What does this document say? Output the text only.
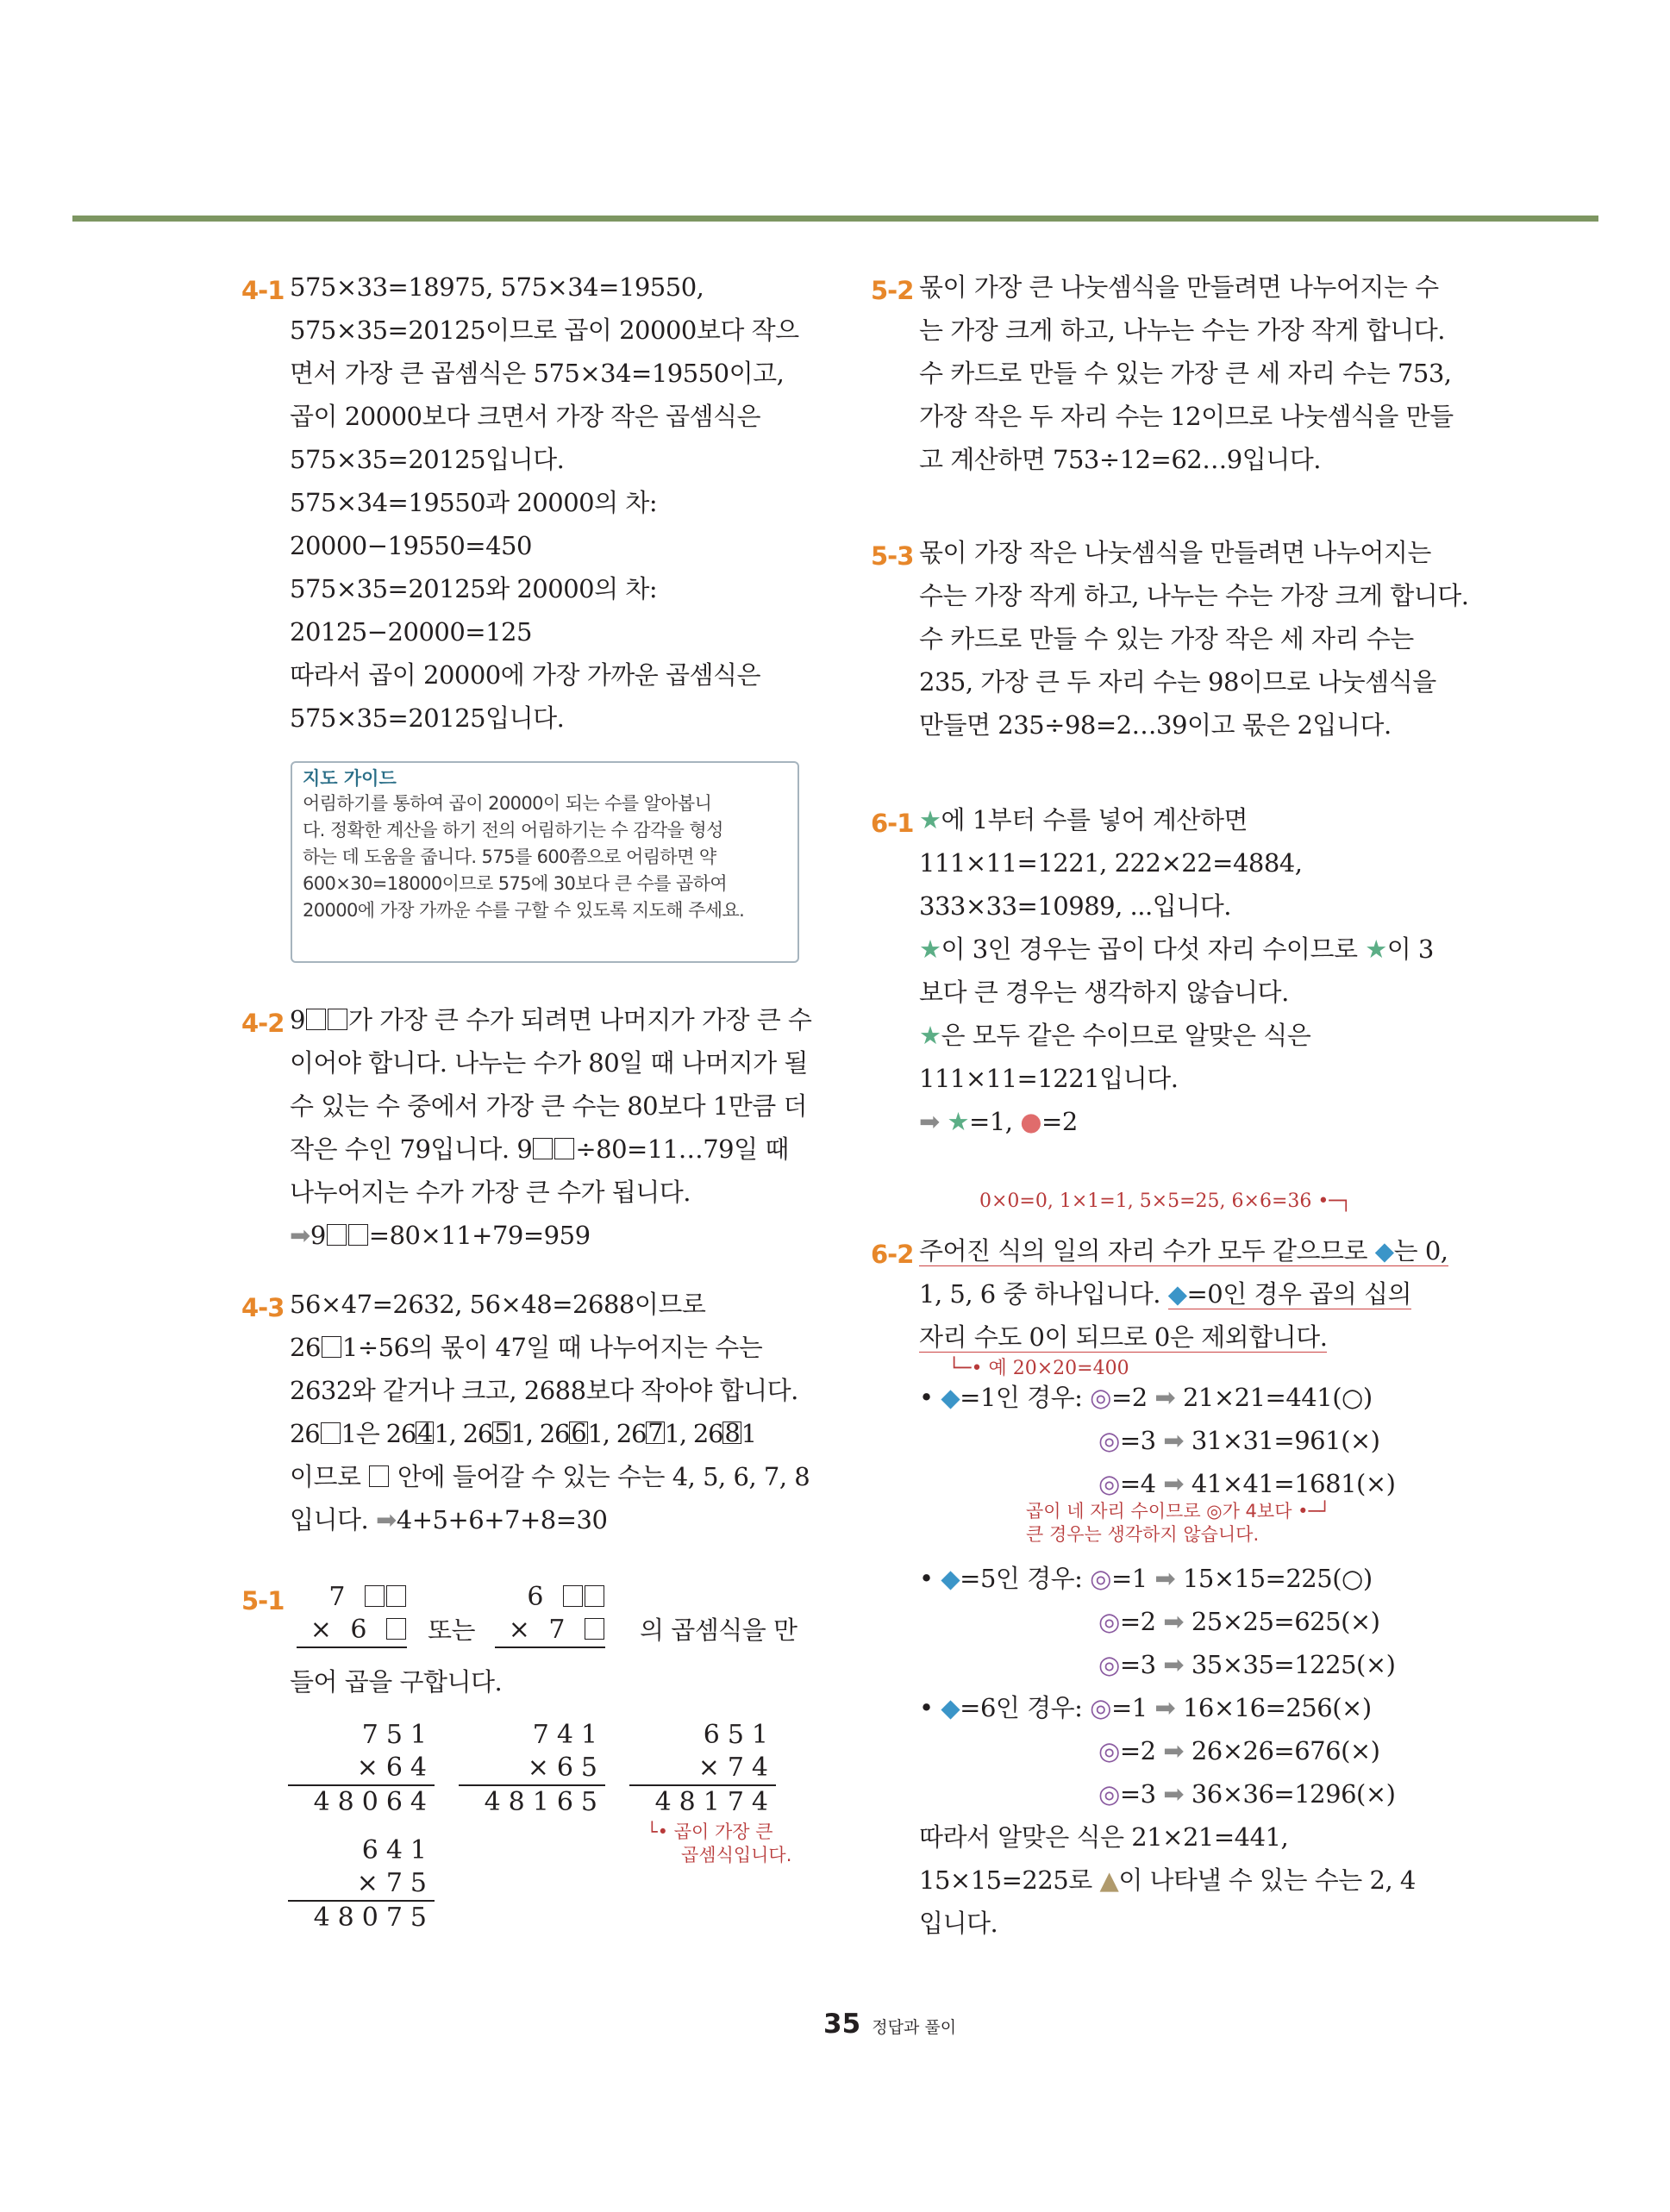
4-1 575×33=18975, 575×34=19550,
575×35=20125이므로 곱이 20000보다 작으
면서 가장 큰 곱셈식은 575×34=19550이고,
곱이 20000보다 크면서 가장 작은 곱셈식은
575×35=20125입니다.
575×34=19550과 20000의 차:
20000−19550=450
575×35=20125와 20000의 차:
20125−20000=125
따라서 곱이 20000에 가장 가까운 곱셈식은
575×35=20125입니다.
지도 가이드
어림하기를 통하여 곱이 20000이 되는 수를 알아봅니
다. 정확한 계산을 하기 전의 어림하기는 수 감각을 형성
하는 데 도움을 줍니다. 575를 600쯤으로 어림하면 약
600×30=18000이므로 575에 30보다 큰 수를 곱하여
20000에 가장 가까운 수를 구할 수 있도록 지도해 주세요.
4-2 9 가 가장 큰 수가 되려면 나머지가 가장 큰 수
이어야 합니다. 나누는 수가 80일 때 나머지가 될
수 있는 수 중에서 가장 큰 수는 80보다 1만큼 더
작은 수인 79입니다. 9 ÷80=11…79일 때
나누어지는 수가 가장 큰 수가 됩니다.
➡9 =80×11+79=959
4-3 56×47=2632, 56×48=2688이므로
26 1÷56의 몫이 47일 때 나누어지는 수는
2632와 같거나 크고, 2688보다 작아야 합니다.
26 1은 2641, 2651, 2661, 2671, 2681
이므로  안에 들어갈 수 있는 수는 4, 5, 6, 7, 8
입니다. ➡4+5+6+7+8=30
5-1	7
× 6	또는
6
× 7	의 곱셈식을 만
들어 곱을 구합니다.
751
×64
48064
741
×65
48165
651
×74
48174
641
×75
48075
└• 곱이 가장 큰
곱셈식입니다.
5-2 몫이 가장 큰 나눗셈식을 만들려면 나누어지는 수
는 가장 크게 하고, 나누는 수는 가장 작게 합니다.
수 카드로 만들 수 있는 가장 큰 세 자리 수는 753,
가장 작은 두 자리 수는 12이므로 나눗셈식을 만들
고 계산하면 753÷12=62…9입니다.
5-3 몫이 가장 작은 나눗셈식을 만들려면 나누어지는
수는 가장 작게 하고, 나누는 수는 가장 크게 합니다.
수 카드로 만들 수 있는 가장 작은 세 자리 수는
235, 가장 큰 두 자리 수는 98이므로 나눗셈식을
만들면 235÷98=2…39이고 몫은 2입니다.
6-1 ★에 1부터 수를 넣어 계산하면
111×11=1221, 222×22=4884,
333×33=10989, ...입니다.
★이 3인 경우는 곱이 다섯 자리 수이므로 ★이 3
보다 큰 경우는 생각하지 않습니다.
★은 모두 같은 수이므로 알맞은 식은
111×11=1221입니다.
➡ ★=1, ●=2
0×0=0, 1×1=1, 5×5=25, 6×6=36 •─┐
6-2 주어진 식의 일의 자리 수가 모두 같으므로 ◆는 0,
1, 5, 6 중 하나입니다. ◆=0인 경우 곱의 십의
자리 수도 0이 되므로 0은 제외합니다.
└─• 예 20×20=400
• ◆=1인 경우: ◎=2 ➡ 21×21=441(○)
◎=3 ➡ 31×31=961(×)
◎=4 ➡ 41×41=1681(×)
곱이 네 자리 수이므로 ◎가 4보다 •─┘
큰 경우는 생각하지 않습니다.
• ◆=5인 경우: ◎=1 ➡ 15×15=225(○)
◎=2 ➡ 25×25=625(×)
◎=3 ➡ 35×35=1225(×)
• ◆=6인 경우: ◎=1 ➡ 16×16=256(×)
◎=2 ➡ 26×26=676(×)
◎=3 ➡ 36×36=1296(×)
따라서 알맞은 식은 21×21=441,
15×15=225로 ▲이 나타낼 수 있는 수는 2, 4
입니다.
35 정답과 풀이
